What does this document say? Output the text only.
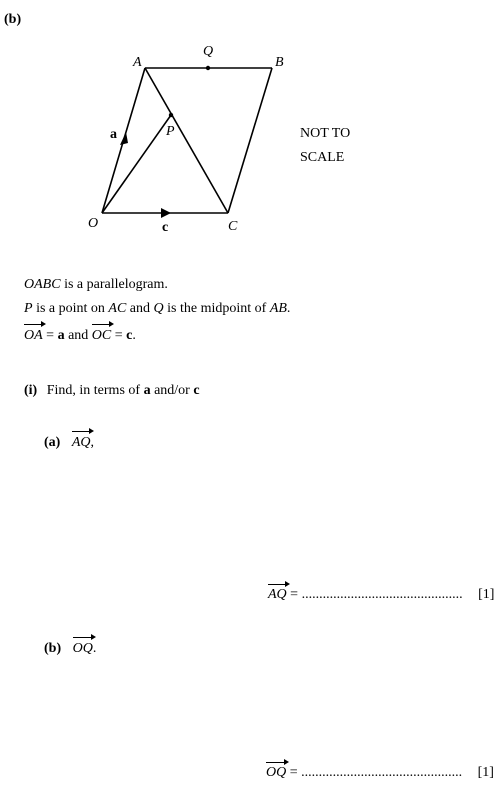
(b)
A
Q
B
P
O	C
a
c
NOT TO
SCALE
OABC is a parallelogram.
P is a point on AC and Q is the midpoint of AB.
OA = a and OC = c.
(i) Find, in terms of a and/or c
(a) AQ,
AQ = .............................................. [1]
(b) OQ.
OQ = .............................................. [1]
